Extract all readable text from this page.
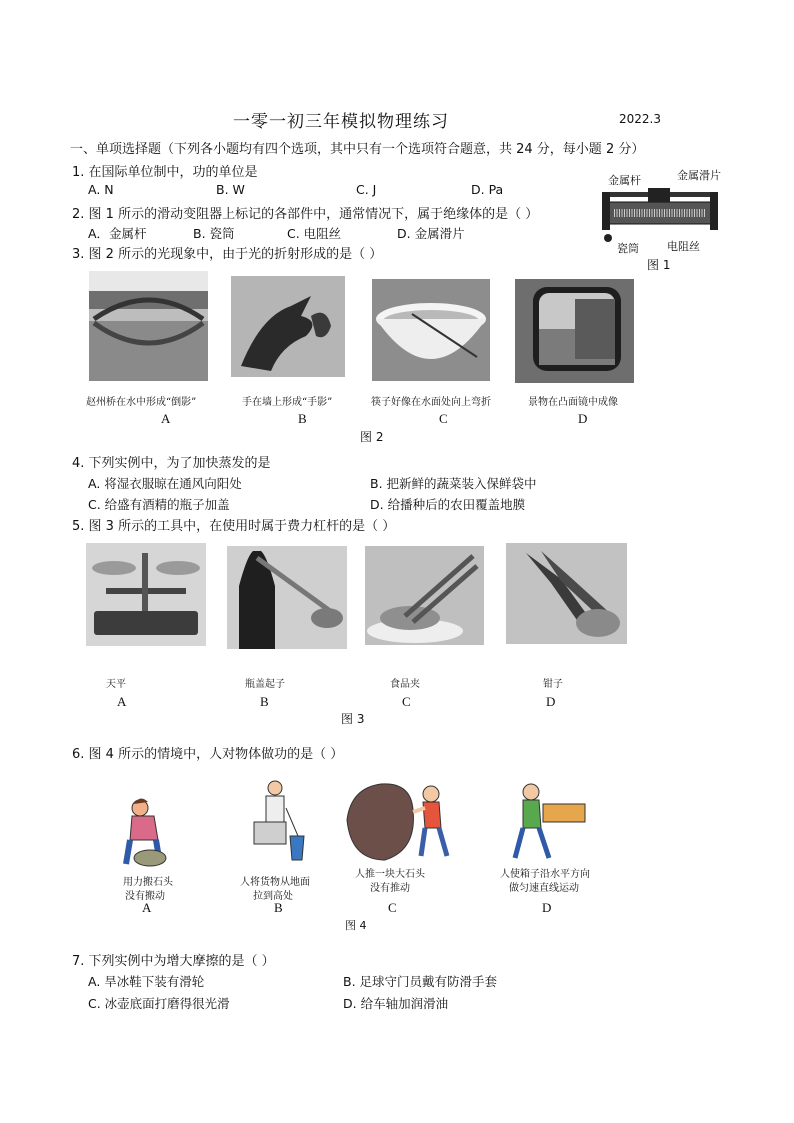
一零一初三年模拟物理练习	2022.3
一、单项选择题（下列各小题均有四个选项，其中只有一个选项符合题意，共 24 分，每小题 2 分）
1. 在国际单位制中，功的单位是
A. N	B. W	C. J	D. Pa
2. 图 1 所示的滑动变阻器上标记的各部件中，通常情况下，属于绝缘体的是（ ）
A．金属杆	B. 瓷筒	C. 电阻丝	D. 金属滑片
金属杆	金属滑片
瓷筒	电阻丝
图 1
3. 图 2 所示的光现象中，由于光的折射形成的是（ ）
赵州桥在水中形成“倒影”	手在墙上形成“手影”	筷子好像在水面处向上弯折	景物在凸面镜中成像
A	B	C	D
图 2
4. 下列实例中，为了加快蒸发的是
A. 将湿衣服晾在通风向阳处	B. 把新鲜的蔬菜装入保鲜袋中
C. 给盛有酒精的瓶子加盖	D. 给播种后的农田覆盖地膜
5. 图 3 所示的工具中，在使用时属于费力杠杆的是（ ）
天平	瓶盖起子	食品夹	钳子
A	B	C	D
图 3
6. 图 4 所示的情境中，人对物体做功的是（ ）
用力搬石头
没有搬动
人将货物从地面
拉到高处
人推一块大石头
没有推动
人使箱子沿水平方向
做匀速直线运动
A	B	C	D
图 4
7. 下列实例中为增大摩擦的是（ ）
A. 旱冰鞋下装有滑轮	B. 足球守门员戴有防滑手套
C. 冰壶底面打磨得很光滑	D. 给车轴加润滑油
